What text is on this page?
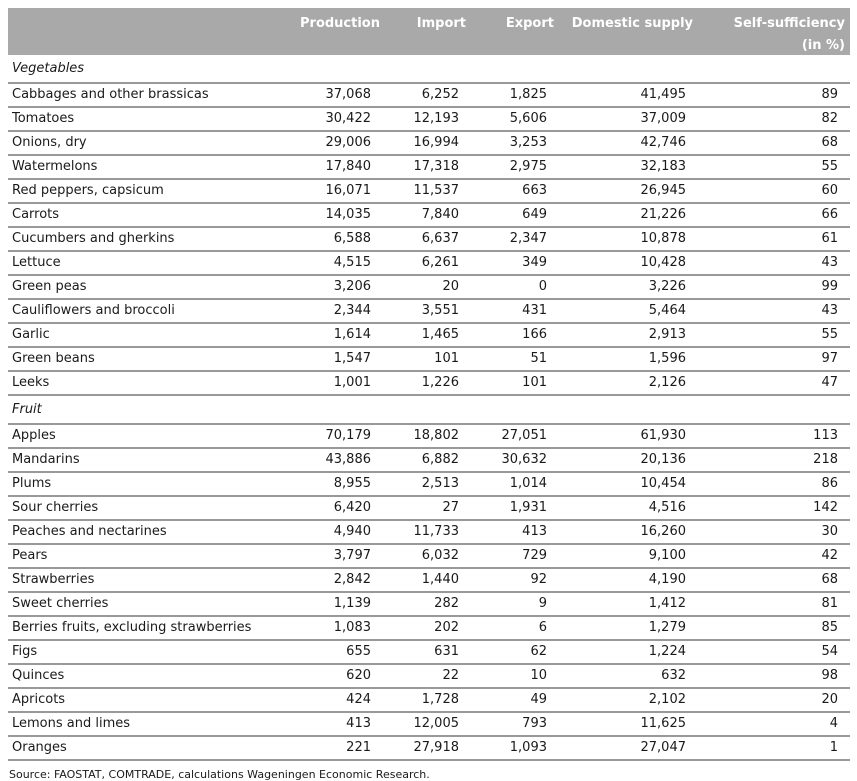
	Production	Import	Export	Domestic supply	Self-sufficiency
(in %)

Vegetables					
Cabbages and other brassicas	37,068	6,252	1,825	41,495	89
Tomatoes	30,422	12,193	5,606	37,009	82
Onions, dry	29,006	16,994	3,253	42,746	68
Watermelons	17,840	17,318	2,975	32,183	55
Red peppers, capsicum	16,071	11,537	663	26,945	60
Carrots	14,035	7,840	649	21,226	66
Cucumbers and gherkins	6,588	6,637	2,347	10,878	61
Lettuce	4,515	6,261	349	10,428	43
Green peas	3,206	20	0	3,226	99
Cauliflowers and broccoli	2,344	3,551	431	5,464	43
Garlic	1,614	1,465	166	2,913	55
Green beans	1,547	101	51	1,596	97
Leeks	1,001	1,226	101	2,126	47
Fruit					
Apples	70,179	18,802	27,051	61,930	113
Mandarins	43,886	6,882	30,632	20,136	218
Plums	8,955	2,513	1,014	10,454	86
Sour cherries	6,420	27	1,931	4,516	142
Peaches and nectarines	4,940	11,733	413	16,260	30
Pears	3,797	6,032	729	9,100	42
Strawberries	2,842	1,440	92	4,190	68
Sweet cherries	1,139	282	9	1,412	81
Berries fruits, excluding strawberries	1,083	202	6	1,279	85
Figs	655	631	62	1,224	54
Quinces	620	22	10	632	98
Apricots	424	1,728	49	2,102	20
Lemons and limes	413	12,005	793	11,625	4
Oranges	221	27,918	1,093	27,047	1
Source: FAOSTAT, COMTRADE, calculations Wageningen Economic Research.
